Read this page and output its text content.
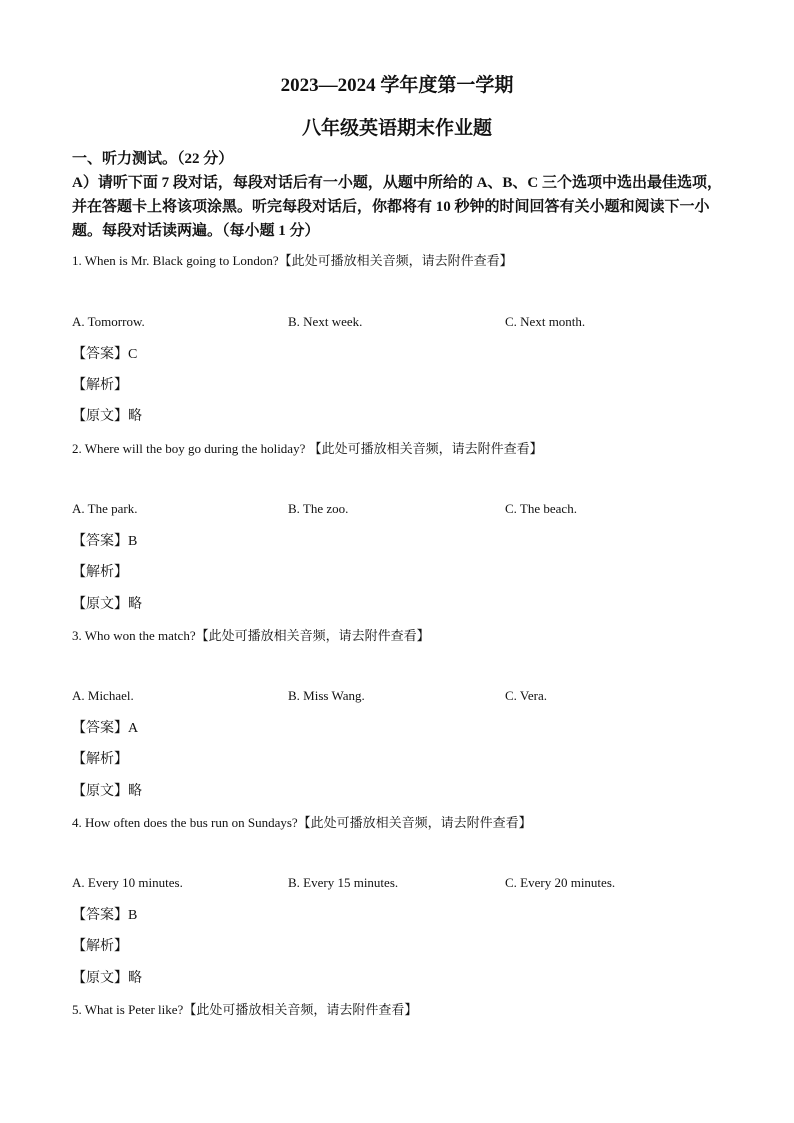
2023—2024 学年度第一学期
八年级英语期末作业题
一、听力测试。（22 分）
A）请听下面 7 段对话，每段对话后有一小题，从题中所给的 A、B、C 三个选项中选出最佳选项，并在答题卡上将该项涂黑。听完每段对话后，你都将有 10 秒钟的时间回答有关小题和阅读下一小题。每段对话读两遍。（每小题 1 分）
1. When is Mr. Black going to London?【此处可播放相关音频，请去附件查看】
A. Tomorrow.	B. Next week.	C. Next month.
【答案】C
【解析】
【原文】略
2. Where will the boy go during the holiday? 【此处可播放相关音频，请去附件查看】
A. The park.	B. The zoo.	C. The beach.
【答案】B
【解析】
【原文】略
3. Who won the match?【此处可播放相关音频，请去附件查看】
A. Michael.	B. Miss Wang.	C. Vera.
【答案】A
【解析】
【原文】略
4. How often does the bus run on Sundays?【此处可播放相关音频，请去附件查看】
A. Every 10 minutes.	B. Every 15 minutes.	C. Every 20 minutes.
【答案】B
【解析】
【原文】略
5. What is Peter like?【此处可播放相关音频，请去附件查看】
